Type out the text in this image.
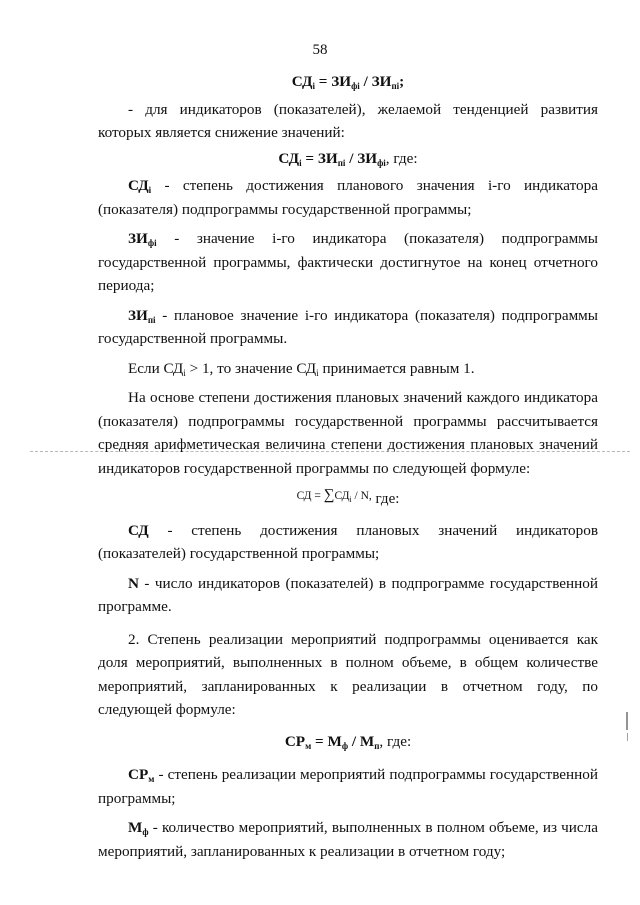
58
$СД_i = ЗИ_{фi} / ЗИ_{пi}$;

- для индикаторов (показателей), желаемой тенденцией развития которых является снижение значений:

$СД_i = ЗИ_{пi} / ЗИ_{фi}$, где:

$СД_i$ - степень достижения планового значения i-го индикатора (показателя) подпрограммы государственной программы;

$ЗИ_{фi}$ - значение i-го индикатора (показателя) подпрограммы государственной программы, фактически достигнутое на конец отчетного периода;

$ЗИ_{пi}$ - плановое значение i-го индикатора (показателя) подпрограммы государственной программы.

Если $СД_i > 1$, то значение $СД_i$ принимается равным 1.

На основе степени достижения плановых значений каждого индикатора (показателя) подпрограммы государственной программы рассчитывается средняя арифметическая величина степени достижения плановых значений индикаторов государственной программы по следующей формуле:

СД = $\sum СД_i$ / N, где:

СД - степень достижения плановых значений индикаторов (показателей) государственной программы;

N - число индикаторов (показателей) в подпрограмме государственной программе.

2. Степень реализации мероприятий подпрограммы оценивается как доля мероприятий, выполненных в полном объеме, в общем количестве мероприятий, запланированных к реализации в отчетном году, по следующей формуле:

$СР_м = М_ф / М_п$, где:

$СР_м$ - степень реализации мероприятий подпрограммы государственной программы;

$М_ф$ - количество мероприятий, выполненных в полном объеме, из числа мероприятий, запланированных к реализации в отчетном году;
